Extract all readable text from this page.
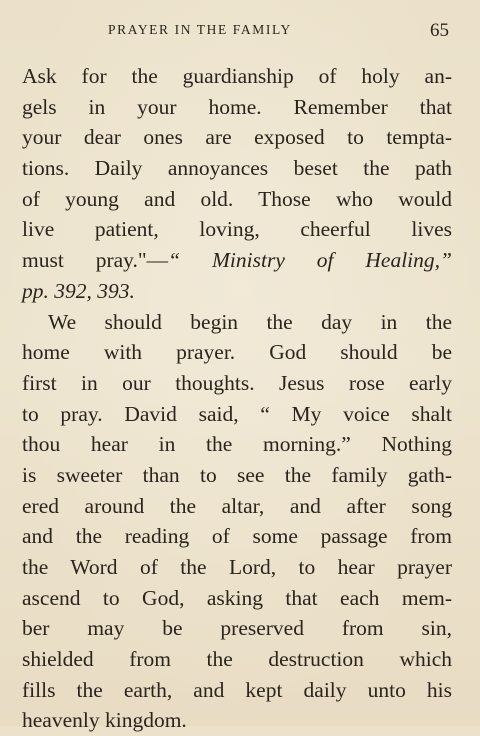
PRAYER IN THE FAMILY	65
Ask for the guardianship of holy an-
gels in your home. Remember that
your dear ones are exposed to tempta-
tions. Daily annoyances beset the path
of young and old. Those who would
live patient, loving, cheerful lives
must pray."—“ Ministry of Healing,”
pp. 392, 393.
We should begin the day in the
home with prayer. God should be
first in our thoughts. Jesus rose early
to pray. David said, “ My voice shalt
thou hear in the morning.” Nothing
is sweeter than to see the family gath-
ered around the altar, and after song
and the reading of some passage from
the Word of the Lord, to hear prayer
ascend to God, asking that each mem-
ber may be preserved from sin,
shielded from the destruction which
fills the earth, and kept daily unto his
heavenly kingdom.
